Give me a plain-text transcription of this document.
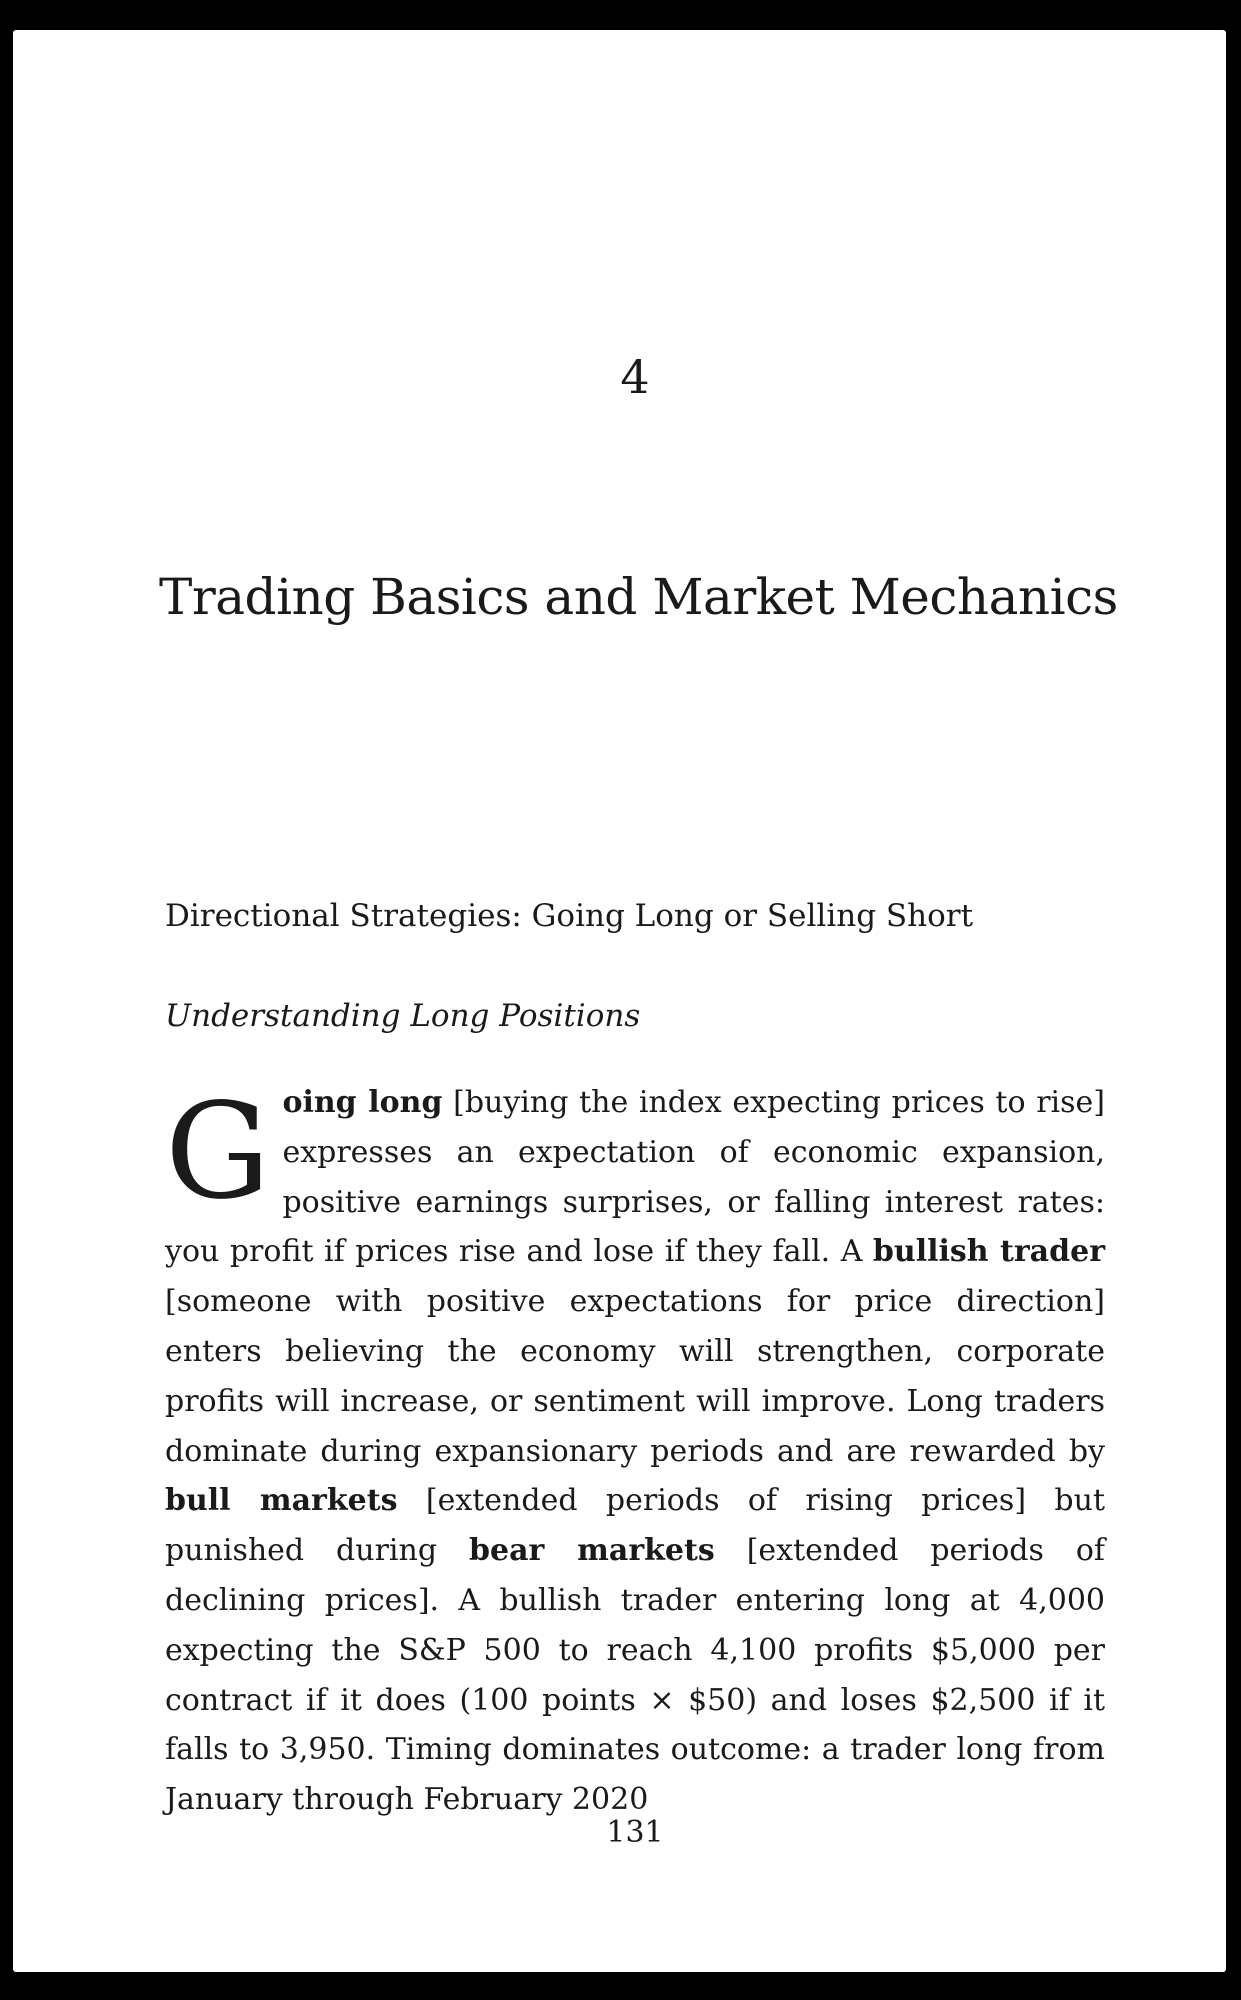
4
Trading Basics and Market Mechanics
Directional Strategies: Going Long or Selling Short
Understanding Long Positions

Going long [buying the index expecting prices to rise] expresses an expectation of economic expansion, positive earnings surprises, or falling interest rates: you profit if prices rise and lose if they fall. A bullish trader [someone with positive expectations for price direction] enters believing the economy will strengthen, corporate profits will increase, or sentiment will improve. Long traders dominate during expansionary periods and are rewarded by bull markets [extended periods of rising prices] but punished during bear markets [extended periods of declining prices]. A bullish trader entering long at 4,000 expecting the S&P 500 to reach 4,100 profits $5,000 per contract if it does (100 points × $50) and loses $2,500 if it falls to 3,950. Timing dominates outcome: a trader long from January through February 2020

131
